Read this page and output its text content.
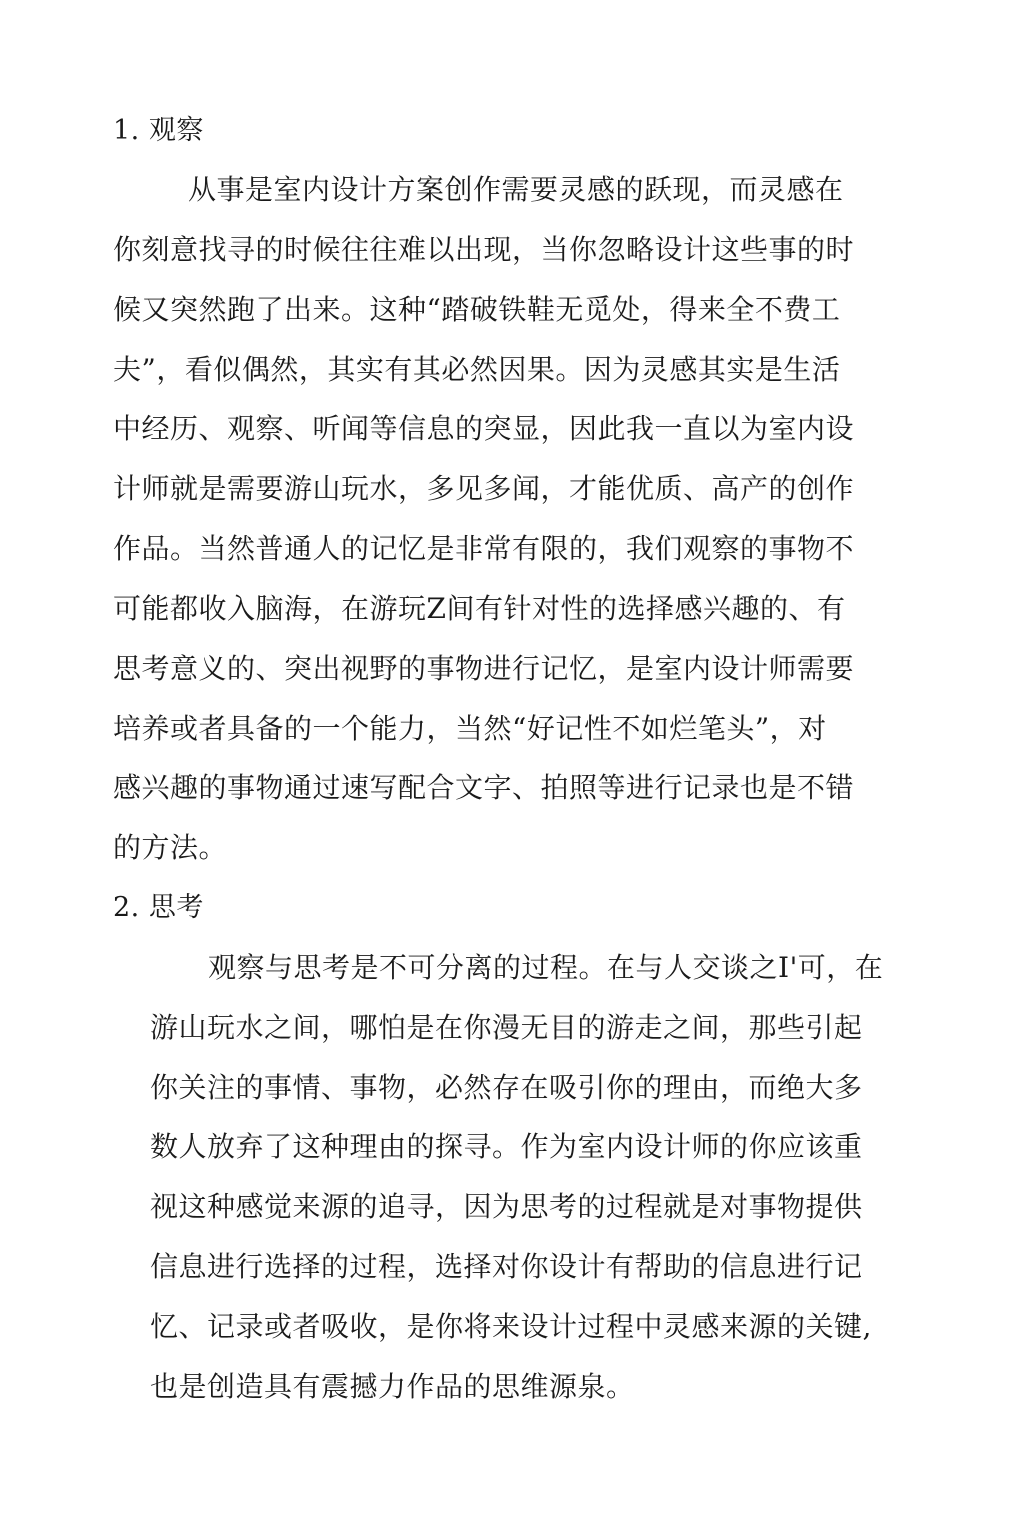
1. 观察
从事是室内设计方案创作需要灵感的跃现，而灵感在
你刻意找寻的时候往往难以出现，当你忽略设计这些事的时
候又突然跑了出来。这种“踏破铁鞋无觅处，得来全不费工
夫”，看似偶然，其实有其必然因果。因为灵感其实是生活
中经历、观察、听闻等信息的突显，因此我一直以为室内设
计师就是需要游山玩水，多见多闻，才能优质、高产的创作
作品。当然普通人的记忆是非常有限的，我们观察的事物不
可能都收入脑海，在游玩Z间有针对性的选择感兴趣的、有
思考意义的、突出视野的事物进行记忆，是室内设计师需要
培养或者具备的一个能力，当然“好记性不如烂笔头”，对
感兴趣的事物通过速写配合文字、拍照等进行记录也是不错
的方法。
2. 思考
观察与思考是不可分离的过程。在与人交谈之I'可，在
游山玩水之间，哪怕是在你漫无目的游走之间，那些引起
你关注的事情、事物，必然存在吸引你的理由，而绝大多
数人放弃了这种理由的探寻。作为室内设计师的你应该重
视这种感觉来源的追寻，因为思考的过程就是对事物提供
信息进行选择的过程，选择对你设计有帮助的信息进行记
忆、记录或者吸收，是你将来设计过程中灵感来源的关键,
也是创造具有震撼力作品的思维源泉。
